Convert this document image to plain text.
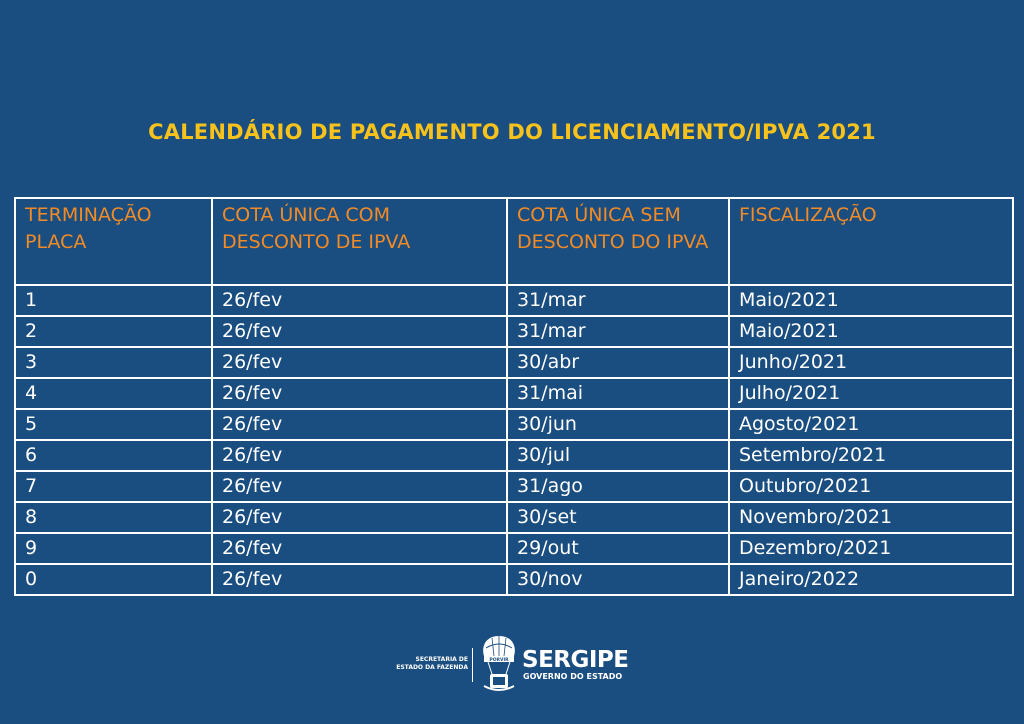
CALENDÁRIO DE PAGAMENTO DO LICENCIAMENTO/IPVA 2021
TERMINAÇÃO PLACA	COTA ÚNICA COM DESCONTO DE IPVA	COTA ÚNICA SEM DESCONTO DO IPVA	FISCALIZAÇÃO
1	26/fev	31/mar	Maio/2021
2	26/fev	31/mar	Maio/2021
3	26/fev	30/abr	Junho/2021
4	26/fev	31/mai	Julho/2021
5	26/fev	30/jun	Agosto/2021
6	26/fev	30/jul	Setembro/2021
7	26/fev	31/ago	Outubro/2021
8	26/fev	30/set	Novembro/2021
9	26/fev	29/out	Dezembro/2021
0	26/fev	30/nov	Janeiro/2022
SECRETARIA DE
ESTADO DA FAZENDA
PORVIR SERGIPE
GOVERNO DO ESTADO
